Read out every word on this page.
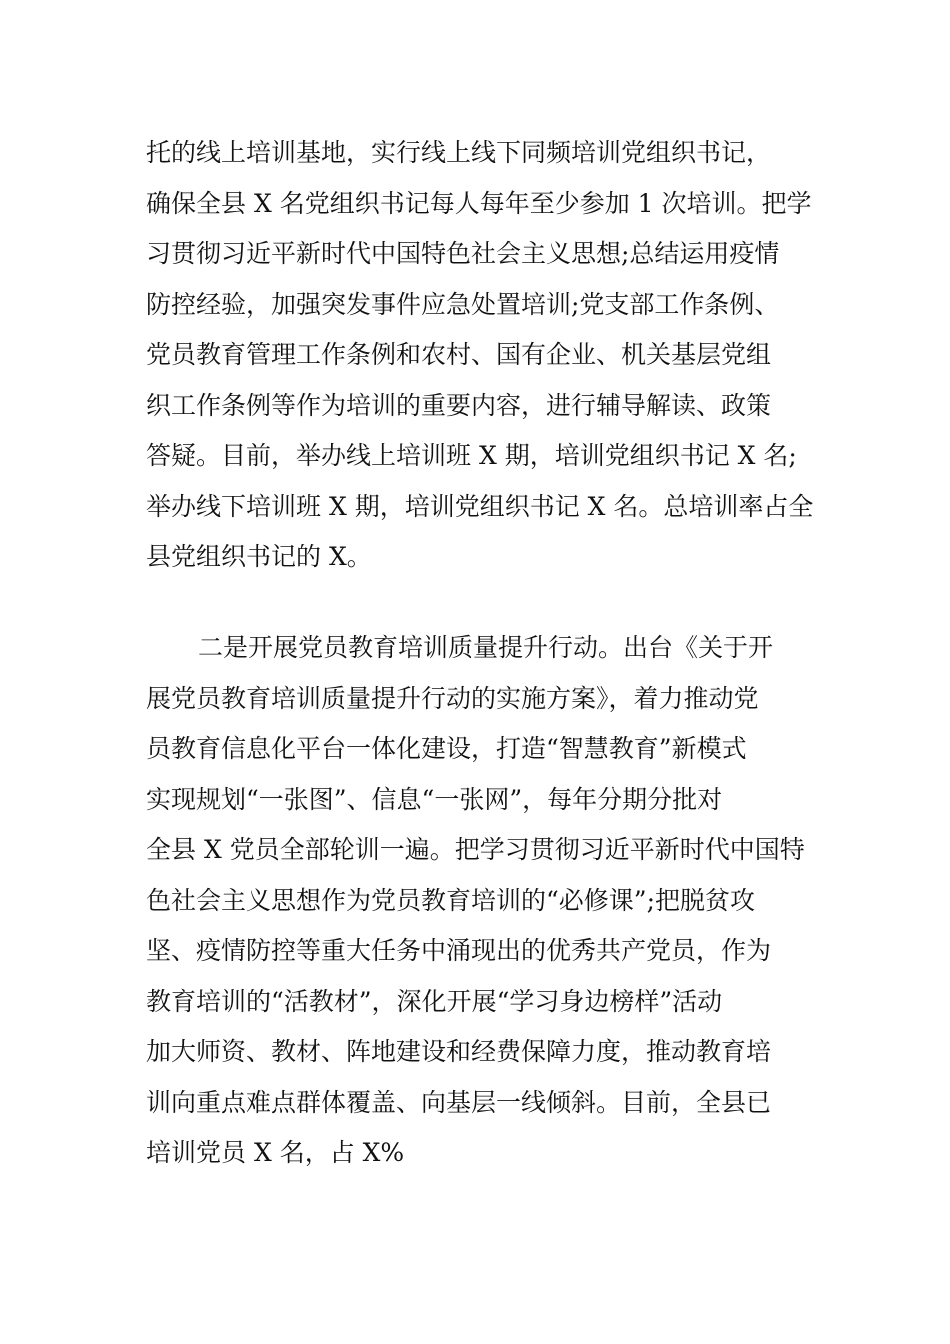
托的线上培训基地，实行线上线下同频培训党组织书记，
确保全县 X 名党组织书记每人每年至少参加 1 次培训。把学
习贯彻习近平新时代中国特色社会主义思想;总结运用疫情
防控经验，加强突发事件应急处置培训;党支部工作条例、
党员教育管理工作条例和农村、国有企业、机关基层党组
织工作条例等作为培训的重要内容，进行辅导解读、政策
答疑。目前，举办线上培训班 X 期，培训党组织书记 X 名;
举办线下培训班 X 期，培训党组织书记 X 名。总培训率占全
县党组织书记的 X。
二是开展党员教育培训质量提升行动。出台《关于开
展党员教育培训质量提升行动的实施方案》，着力推动党
员教育信息化平台一体化建设，打造“智慧教育”新模式
实现规划“一张图”、信息“一张网”，每年分期分批对
全县 X 党员全部轮训一遍。把学习贯彻习近平新时代中国特
色社会主义思想作为党员教育培训的“必修课”;把脱贫攻
坚、疫情防控等重大任务中涌现出的优秀共产党员，作为
教育培训的“活教材”，深化开展“学习身边榜样”活动
加大师资、教材、阵地建设和经费保障力度，推动教育培
训向重点难点群体覆盖、向基层一线倾斜。目前，全县已
培训党员 X 名，占 X%
